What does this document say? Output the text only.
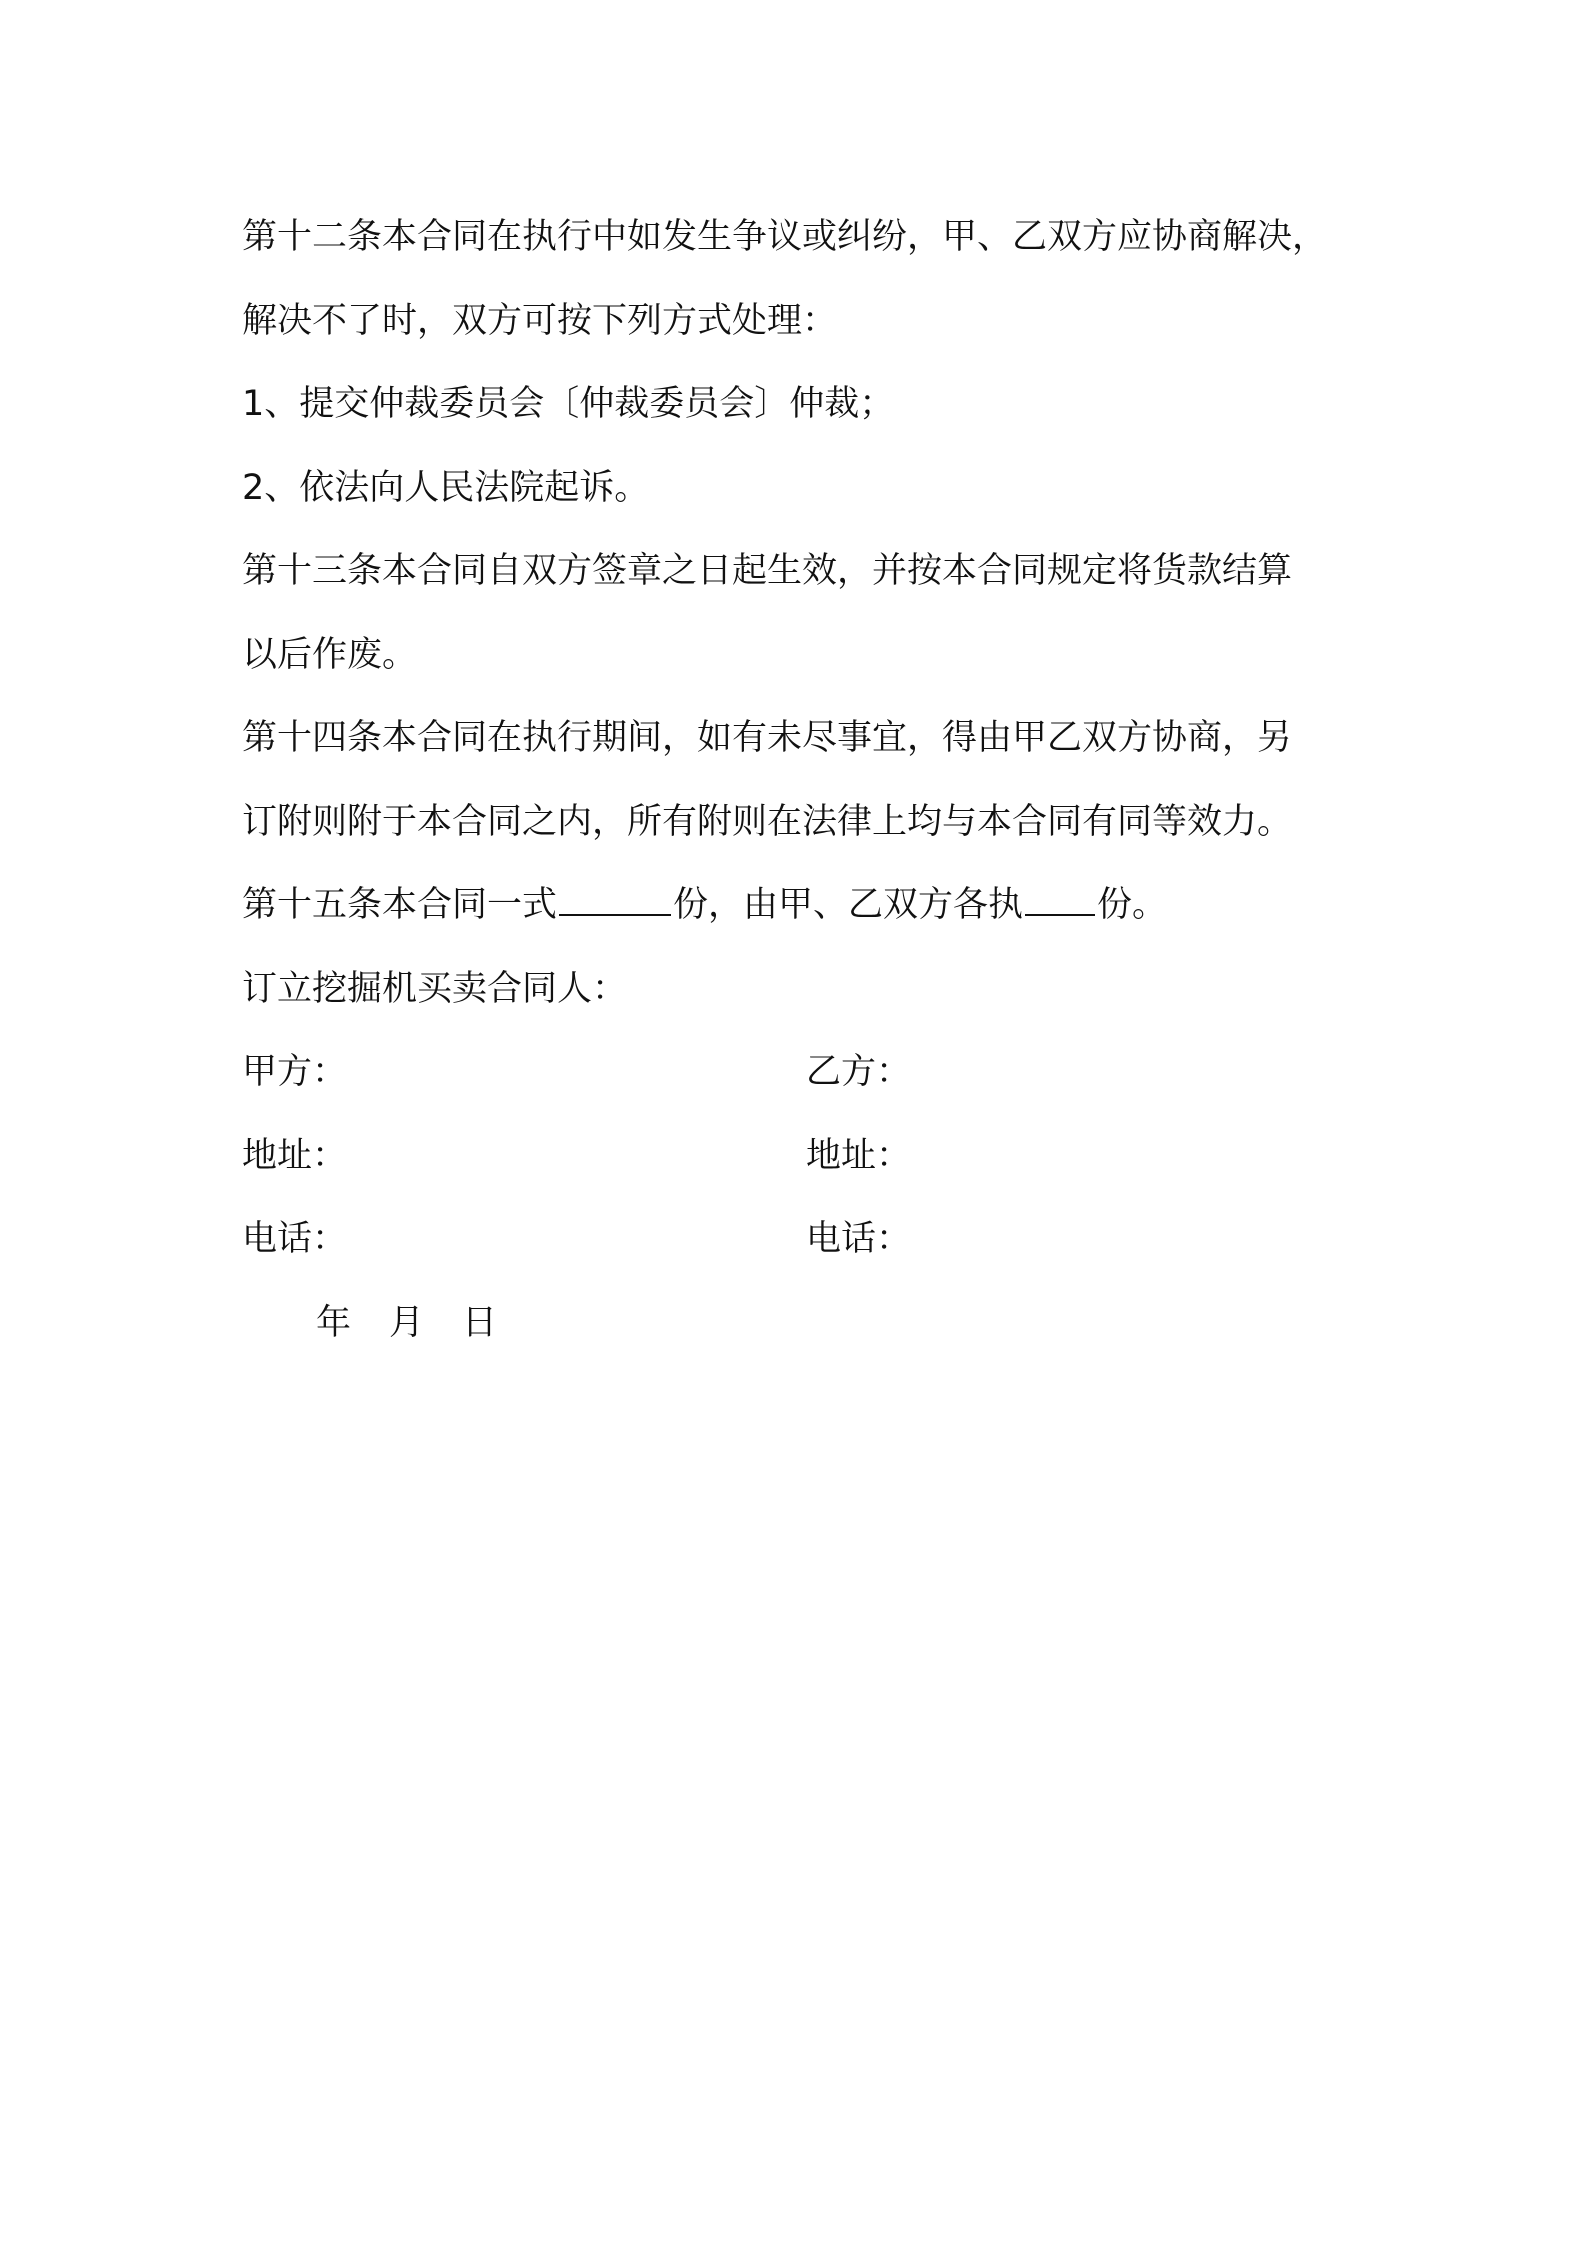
第十二条本合同在执行中如发生争议或纠纷，甲、乙双方应协商解决，
解决不了时，双方可按下列方式处理：
1、提交仲裁委员会〔仲裁委员会〕仲裁；
2、依法向人民法院起诉。
第十三条本合同自双方签章之日起生效，并按本合同规定将货款结算
以后作废。
第十四条本合同在执行期间，如有未尽事宜，得由甲乙双方协商，另
订附则附于本合同之内，所有附则在法律上均与本合同有同等效力。
第十五条本合同一式	份，由甲、乙双方各执 份。
订立挖掘机买卖合同人：
甲方：	乙方：
地址：	地址：
电话：	电话：
年 月 日
